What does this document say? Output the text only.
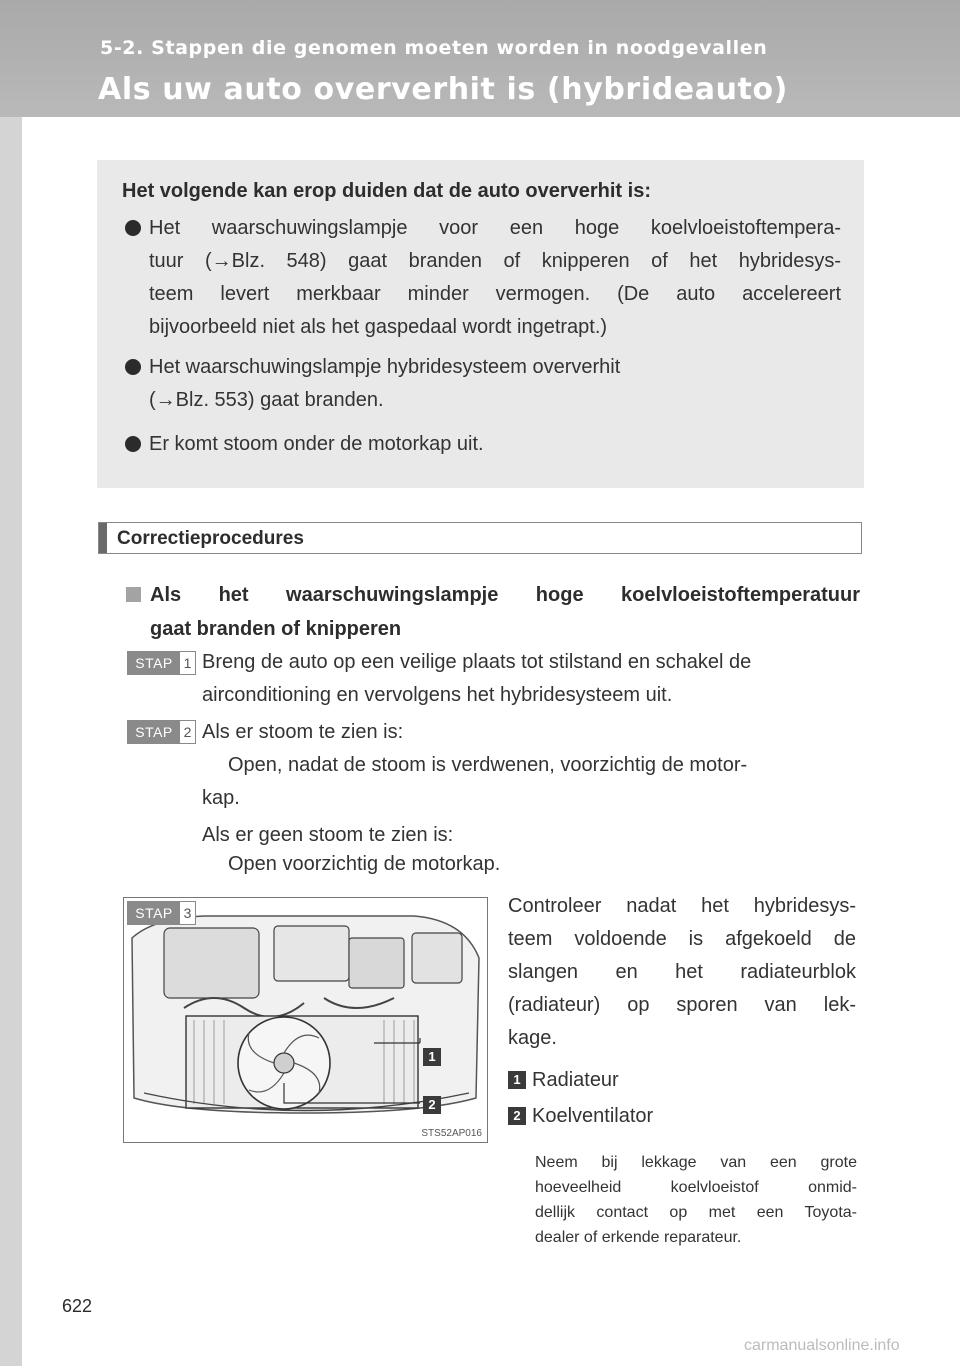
5-2. Stappen die genomen moeten worden in noodgevallen
Als uw auto oververhit is (hybrideauto)
Het volgende kan erop duiden dat de auto oververhit is:
Het waarschuwingslampje voor een hoge koelvloeistoftempera-
tuur (→Blz. 548) gaat branden of knipperen of het hybridesys-
teem levert merkbaar minder vermogen. (De auto accelereert
bijvoorbeeld niet als het gaspedaal wordt ingetrapt.)
Het waarschuwingslampje hybridesysteem oververhit
(→Blz. 553) gaat branden.
Er komt stoom onder de motorkap uit.
Correctieprocedures
Als het waarschuwingslampje hoge koelvloeistoftemperatuur
gaat branden of knipperen
STAP 1 Breng de auto op een veilige plaats tot stilstand en schakel de
airconditioning en vervolgens het hybridesysteem uit.
STAP 2 Als er stoom te zien is:
Open, nadat de stoom is verdwenen, voorzichtig de motor-
kap.
Als er geen stoom te zien is:
Open voorzichtig de motorkap.
STAP 3
1
2
STS52AP016
Controleer nadat het hybridesys-
teem voldoende is afgekoeld de
slangen en het radiateurblok
(radiateur) op sporen van lek-
kage.
1 Radiateur
2 Koelventilator
Neem bij lekkage van een grote
hoeveelheid koelvloeistof onmid-
dellijk contact op met een Toyota-
dealer of erkende reparateur.
622
carmanualsonline.info
